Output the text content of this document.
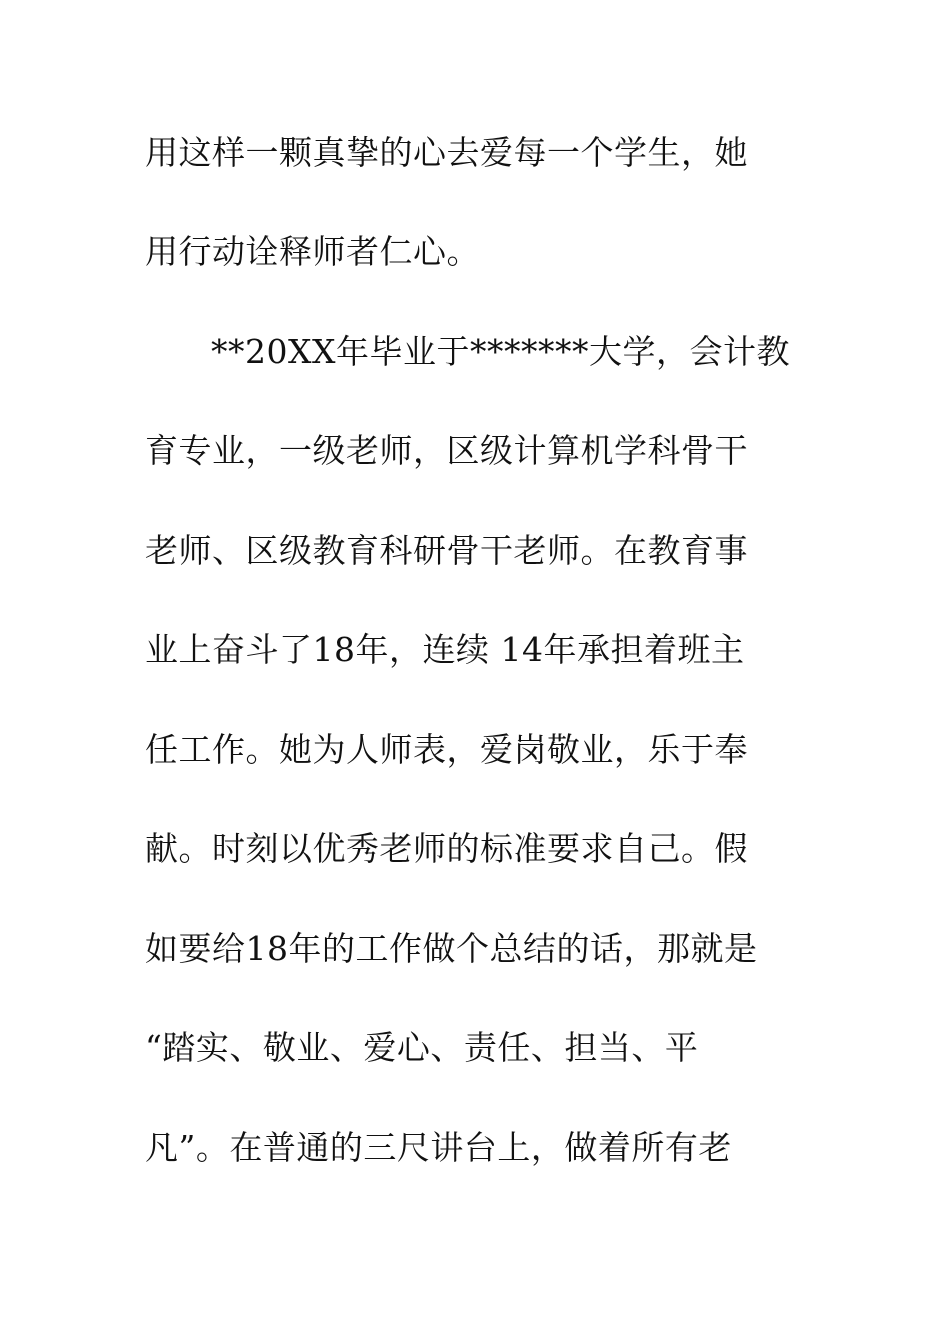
用这样一颗真挚的心去爱每一个学生，她
用行动诠释师者仁心。
**20XX年毕业于*******大学，会计教
育专业，一级老师，区级计算机学科骨干
老师、区级教育科研骨干老师。在教育事
业上奋斗了18年，连续 14年承担着班主
任工作。她为人师表，爱岗敬业，乐于奉
献。时刻以优秀老师的标准要求自己。假
如要给18年的工作做个总结的话，那就是
“踏实、敬业、爱心、责任、担当、平
凡”。在普通的三尺讲台上，做着所有老
